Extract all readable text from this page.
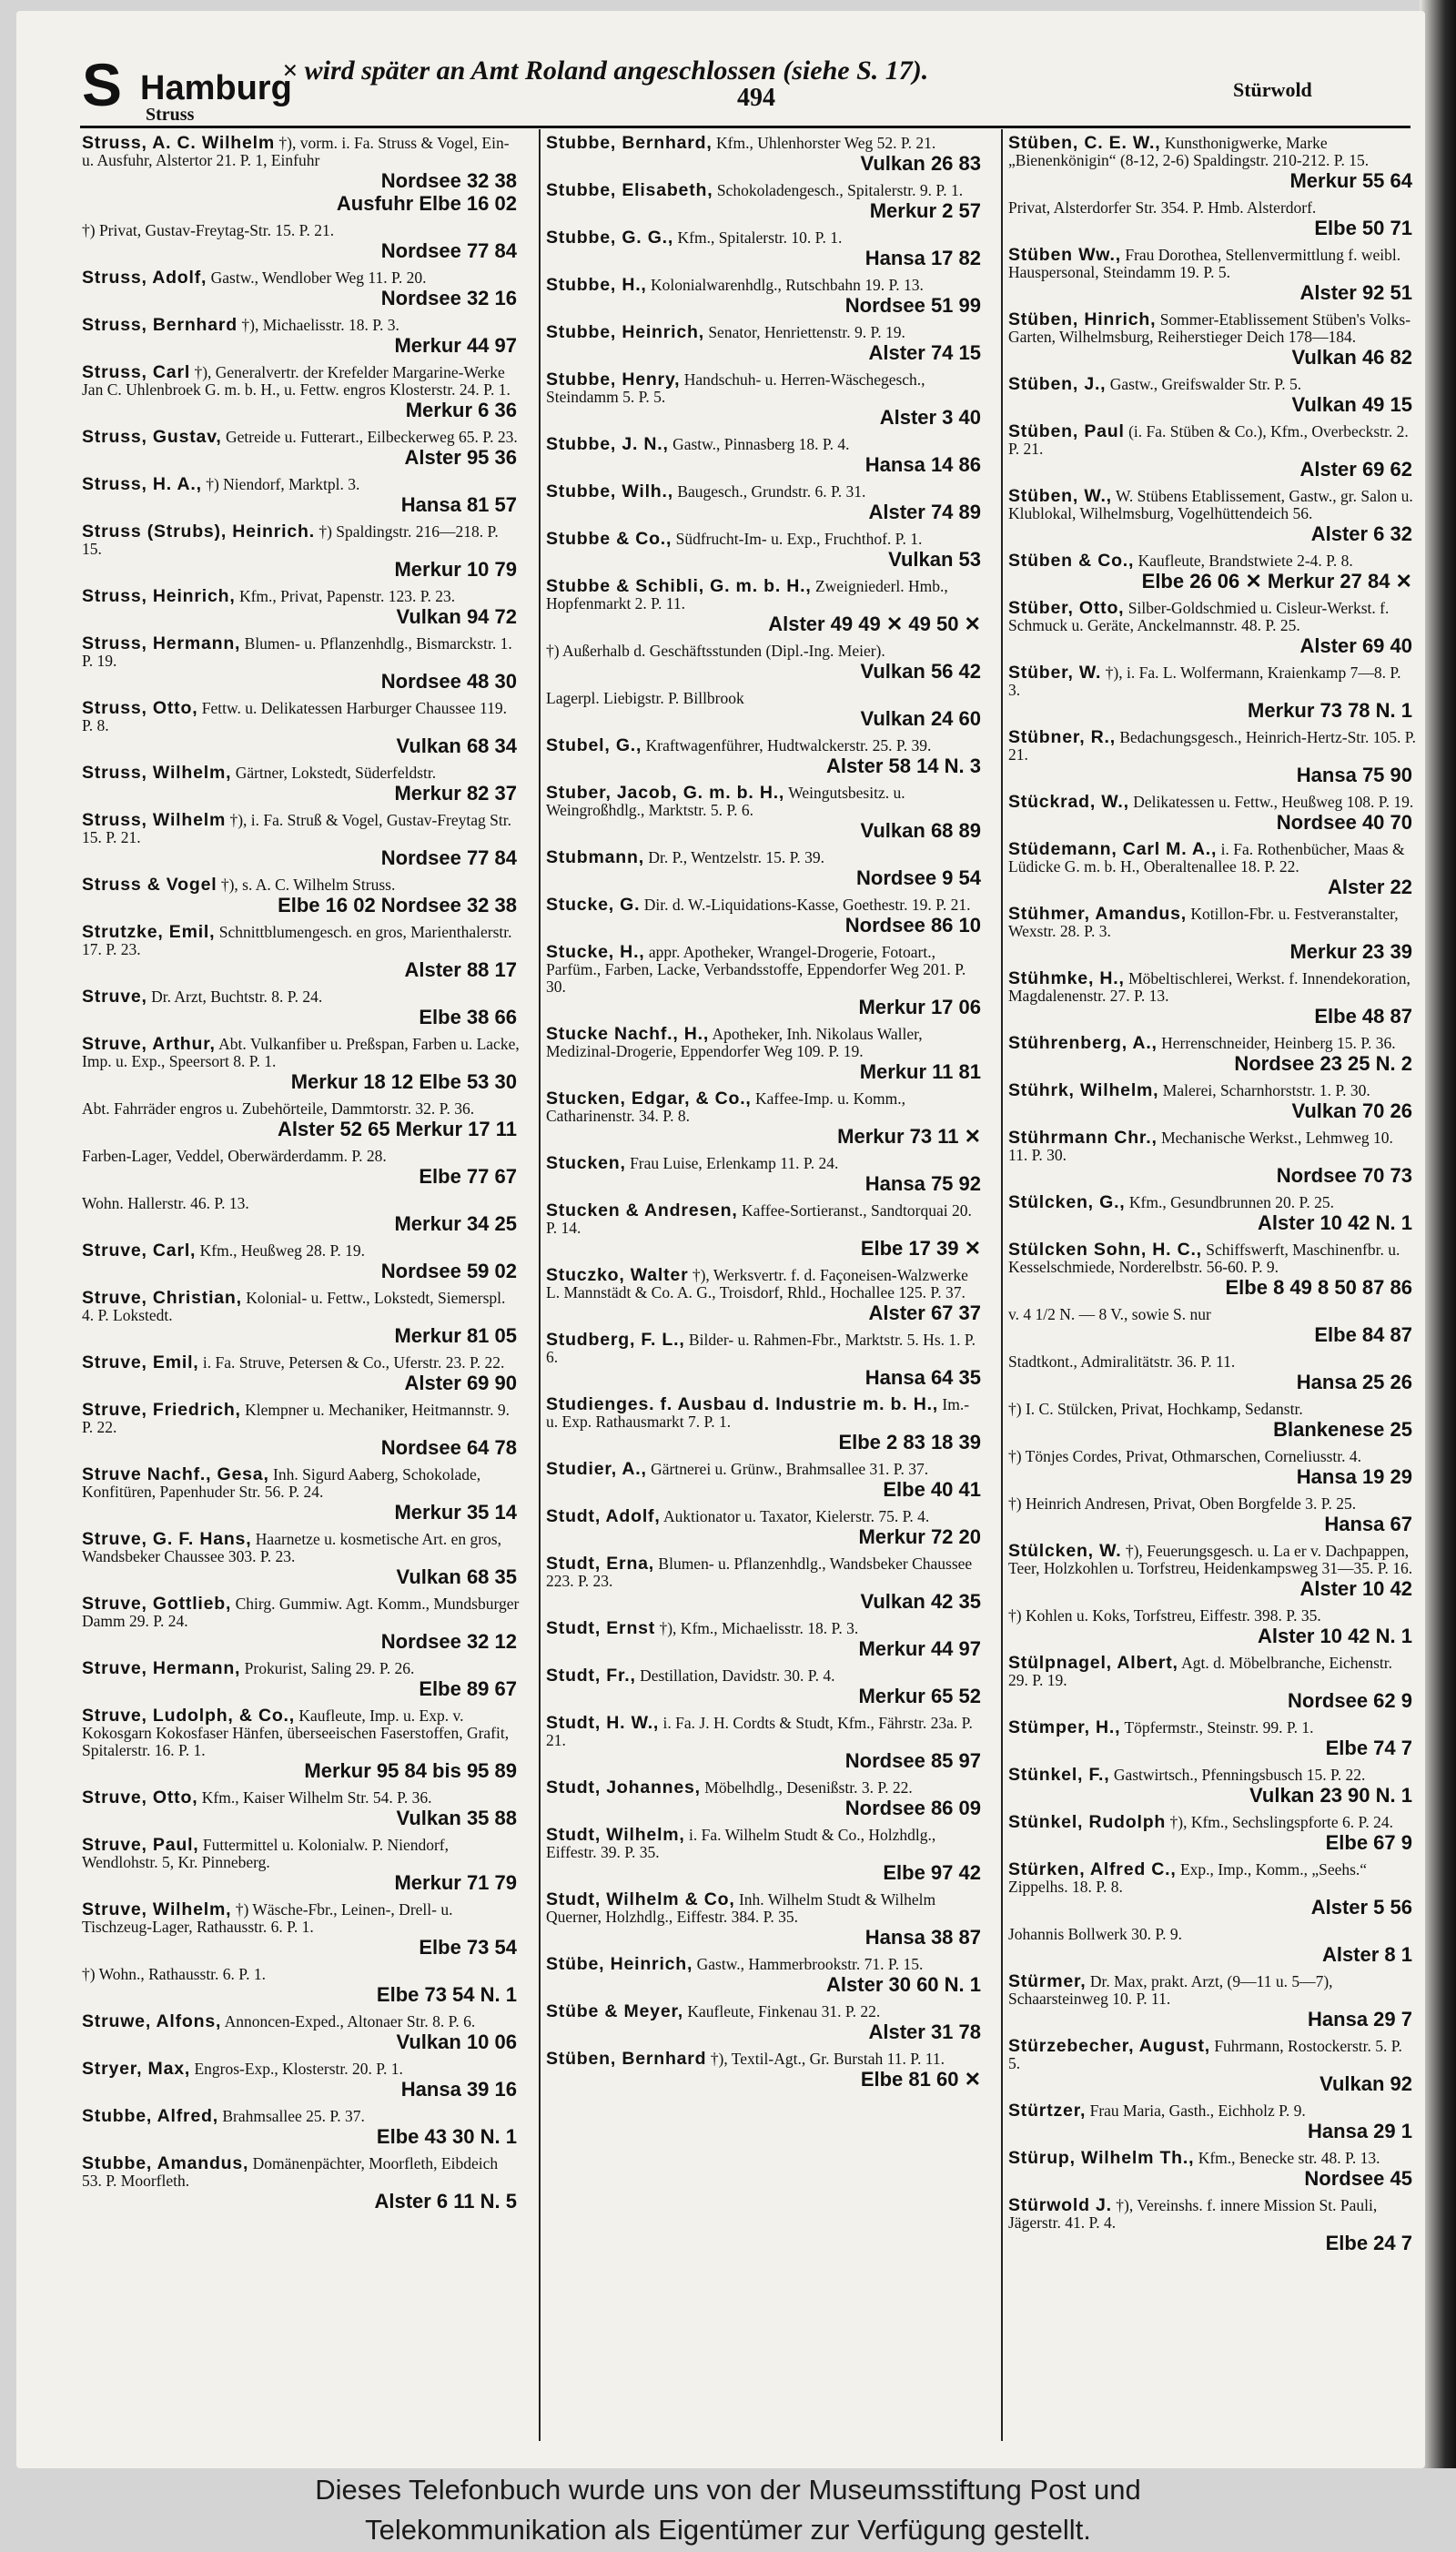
S Hamburg
Struss
× wird später an Amt Roland angeschlossen (siehe S. 17).
494	Stürwold
Struss, A. C. Wilhelm †), vorm. i. Fa. Struss & Vogel, Ein- u. Ausfuhr, Alstertor 21. P. 1, Einfuhr
Nordsee 32 38
Ausfuhr Elbe 16 02
†) Privat, Gustav-Freytag-Str. 15. P. 21.
Nordsee 77 84
Struss, Adolf, Gastw., Wendlober Weg 11. P. 20.
Nordsee 32 16
Struss, Bernhard †), Michaelisstr. 18. P. 3.
Merkur 44 97
Struss, Carl †), Generalvertr. der Krefelder Margarine-Werke Jan C. Uhlenbroek G. m. b. H., u. Fettw. engros Klosterstr. 24. P. 1.
Merkur 6 36
Struss, Gustav, Getreide u. Futterart., Eilbeckerweg 65. P. 23.
Alster 95 36
Struss, H. A., †) Niendorf, Marktpl. 3.
Hansa 81 57
Struss (Strubs), Heinrich. †) Spaldingstr. 216—218. P. 15.
Merkur 10 79
Struss, Heinrich, Kfm., Privat, Papenstr. 123. P. 23.
Vulkan 94 72
Struss, Hermann, Blumen- u. Pflanzenhdlg., Bismarckstr. 1. P. 19.
Nordsee 48 30
Struss, Otto, Fettw. u. Delikatessen Harburger Chaussee 119. P. 8.
Vulkan 68 34
Struss, Wilhelm, Gärtner, Lokstedt, Süderfeldstr.
Merkur 82 37
Struss, Wilhelm †), i. Fa. Struß & Vogel, Gustav-Freytag Str. 15. P. 21.
Nordsee 77 84
Struss & Vogel †), s. A. C. Wilhelm Struss.
Elbe 16 02 Nordsee 32 38
Strutzke, Emil, Schnittblumengesch. en gros, Marienthalerstr. 17. P. 23.
Alster 88 17
Struve, Dr. Arzt, Buchtstr. 8. P. 24.
Elbe 38 66
Struve, Arthur, Abt. Vulkanfiber u. Preßspan, Farben u. Lacke, Imp. u. Exp., Speersort 8. P. 1.
Merkur 18 12 Elbe 53 30
Abt. Fahrräder engros u. Zubehörteile, Dammtorstr. 32. P. 36.
Alster 52 65 Merkur 17 11
Farben-Lager, Veddel, Oberwärderdamm. P. 28.
Elbe 77 67
Wohn. Hallerstr. 46. P. 13.
Merkur 34 25
Struve, Carl, Kfm., Heußweg 28. P. 19.
Nordsee 59 02
Struve, Christian, Kolonial- u. Fettw., Lokstedt, Siemerspl. 4. P. Lokstedt.
Merkur 81 05
Struve, Emil, i. Fa. Struve, Petersen & Co., Uferstr. 23. P. 22.
Alster 69 90
Struve, Friedrich, Klempner u. Mechaniker, Heitmannstr. 9. P. 22.
Nordsee 64 78
Struve Nachf., Gesa, Inh. Sigurd Aaberg, Schokolade, Konfitüren, Papenhuder Str. 56. P. 24.
Merkur 35 14
Struve, G. F. Hans, Haarnetze u. kosmetische Art. en gros, Wandsbeker Chaussee 303. P. 23.
Vulkan 68 35
Struve, Gottlieb, Chirg. Gummiw. Agt. Komm., Mundsburger Damm 29. P. 24.
Nordsee 32 12
Struve, Hermann, Prokurist, Saling 29. P. 26.
Elbe 89 67
Struve, Ludolph, & Co., Kaufleute, Imp. u. Exp. v. Kokosgarn Kokosfaser Hänfen, überseeischen Faserstoffen, Grafit, Spitalerstr. 16. P. 1.
Merkur 95 84 bis 95 89
Struve, Otto, Kfm., Kaiser Wilhelm Str. 54. P. 36.
Vulkan 35 88
Struve, Paul, Futtermittel u. Kolonialw. P. Niendorf, Wendlohstr. 5, Kr. Pinneberg.
Merkur 71 79
Struve, Wilhelm, †) Wäsche-Fbr., Leinen-, Drell- u. Tischzeug-Lager, Rathausstr. 6. P. 1.
Elbe 73 54
†) Wohn., Rathausstr. 6. P. 1.
Elbe 73 54 N. 1
Struwe, Alfons, Annoncen-Exped., Altonaer Str. 8. P. 6.
Vulkan 10 06
Stryer, Max, Engros-Exp., Klosterstr. 20. P. 1.
Hansa 39 16
Stubbe, Alfred, Brahmsallee 25. P. 37.
Elbe 43 30 N. 1
Stubbe, Amandus, Domänenpächter, Moorfleth, Eibdeich 53. P. Moorfleth.
Alster 6 11 N. 5
Stubbe, Bernhard, Kfm., Uhlenhorster Weg 52. P. 21.
Vulkan 26 83
Stubbe, Elisabeth, Schokoladengesch., Spitalerstr. 9. P. 1.
Merkur 2 57
Stubbe, G. G., Kfm., Spitalerstr. 10. P. 1.
Hansa 17 82
Stubbe, H., Kolonialwarenhdlg., Rutschbahn 19. P. 13.
Nordsee 51 99
Stubbe, Heinrich, Senator, Henriettenstr. 9. P. 19.
Alster 74 15
Stubbe, Henry, Handschuh- u. Herren-Wäschegesch., Steindamm 5. P. 5.
Alster 3 40
Stubbe, J. N., Gastw., Pinnasberg 18. P. 4.
Hansa 14 86
Stubbe, Wilh., Baugesch., Grundstr. 6. P. 31.
Alster 74 89
Stubbe & Co., Südfrucht-Im- u. Exp., Fruchthof. P. 1.
Vulkan 53
Stubbe & Schibli, G. m. b. H., Zweigniederl. Hmb., Hopfenmarkt 2. P. 11.
Alster 49 49 ✕ 49 50 ✕
†) Außerhalb d. Geschäftsstunden (Dipl.-Ing. Meier).
Vulkan 56 42
Lagerpl. Liebigstr. P. Billbrook
Vulkan 24 60
Stubel, G., Kraftwagenführer, Hudtwalckerstr. 25. P. 39.
Alster 58 14 N. 3
Stuber, Jacob, G. m. b. H., Weingutsbesitz. u. Weingroßhdlg., Marktstr. 5. P. 6.
Vulkan 68 89
Stubmann, Dr. P., Wentzelstr. 15. P. 39.
Nordsee 9 54
Stucke, G. Dir. d. W.-Liquidations-Kasse, Goethestr. 19. P. 21.
Nordsee 86 10
Stucke, H., appr. Apotheker, Wrangel-Drogerie, Fotoart., Parfüm., Farben, Lacke, Verbandsstoffe, Eppendorfer Weg 201. P. 30.
Merkur 17 06
Stucke Nachf., H., Apotheker, Inh. Nikolaus Waller, Medizinal-Drogerie, Eppendorfer Weg 109. P. 19.
Merkur 11 81
Stucken, Edgar, & Co., Kaffee-Imp. u. Komm., Catharinenstr. 34. P. 8.
Merkur 73 11 ✕
Stucken, Frau Luise, Erlenkamp 11. P. 24.
Hansa 75 92
Stucken & Andresen, Kaffee-Sortieranst., Sandtorquai 20. P. 14.
Elbe 17 39 ✕
Stuczko, Walter †), Werksvertr. f. d. Façoneisen-Walzwerke L. Mannstädt & Co. A. G., Troisdorf, Rhld., Hochallee 125. P. 37.
Alster 67 37
Studberg, F. L., Bilder- u. Rahmen-Fbr., Marktstr. 5. Hs. 1. P. 6.
Hansa 64 35
Studienges. f. Ausbau d. Industrie m. b. H., Im.- u. Exp. Rathausmarkt 7. P. 1.
Elbe 2 83 18 39
Studier, A., Gärtnerei u. Grünw., Brahmsallee 31. P. 37.
Elbe 40 41
Studt, Adolf, Auktionator u. Taxator, Kielerstr. 75. P. 4.
Merkur 72 20
Studt, Erna, Blumen- u. Pflanzenhdlg., Wandsbeker Chaussee 223. P. 23.
Vulkan 42 35
Studt, Ernst †), Kfm., Michaelisstr. 18. P. 3.
Merkur 44 97
Studt, Fr., Destillation, Davidstr. 30. P. 4.
Merkur 65 52
Studt, H. W., i. Fa. J. H. Cordts & Studt, Kfm., Fährstr. 23a. P. 21.
Nordsee 85 97
Studt, Johannes, Möbelhdlg., Desenißstr. 3. P. 22.
Nordsee 86 09
Studt, Wilhelm, i. Fa. Wilhelm Studt & Co., Holzhdlg., Eiffestr. 39. P. 35.
Elbe 97 42
Studt, Wilhelm & Co, Inh. Wilhelm Studt & Wilhelm Querner, Holzhdlg., Eiffestr. 384. P. 35.
Hansa 38 87
Stübe, Heinrich, Gastw., Hammerbrookstr. 71. P. 15.
Alster 30 60 N. 1
Stübe & Meyer, Kaufleute, Finkenau 31. P. 22.
Alster 31 78
Stüben, Bernhard †), Textil-Agt., Gr. Burstah 11. P. 11.
Elbe 81 60 ✕
Stüben, C. E. W., Kunsthonigwerke, Marke „Bienenkönigin“ (8-12, 2-6) Spaldingstr. 210-212. P. 15.
Merkur 55 64
Privat, Alsterdorfer Str. 354. P. Hmb. Alsterdorf.
Elbe 50 71
Stüben Ww., Frau Dorothea, Stellenvermittlung f. weibl. Hauspersonal, Steindamm 19. P. 5.
Alster 92 51
Stüben, Hinrich, Sommer-Etablissement Stüben's Volks-Garten, Wilhelmsburg, Reiherstieger Deich 178—184.
Vulkan 46 82
Stüben, J., Gastw., Greifswalder Str. P. 5.
Vulkan 49 15
Stüben, Paul (i. Fa. Stüben & Co.), Kfm., Overbeckstr. 2. P. 21.
Alster 69 62
Stüben, W., W. Stübens Etablissement, Gastw., gr. Salon u. Klublokal, Wilhelmsburg, Vogelhüttendeich 56.
Alster 6 32
Stüben & Co., Kaufleute, Brandstwiete 2-4. P. 8.
Elbe 26 06 ✕ Merkur 27 84 ✕
Stüber, Otto, Silber-Goldschmied u. Cisleur-Werkst. f. Schmuck u. Geräte, Anckelmannstr. 48. P. 25.
Alster 69 40
Stüber, W. †), i. Fa. L. Wolfermann, Kraienkamp 7—8. P. 3.
Merkur 73 78 N. 1
Stübner, R., Bedachungsgesch., Heinrich-Hertz-Str. 105. P. 21.
Hansa 75 90
Stückrad, W., Delikatessen u. Fettw., Heußweg 108. P. 19.
Nordsee 40 70
Stüdemann, Carl M. A., i. Fa. Rothenbücher, Maas & Lüdicke G. m. b. H., Oberaltenallee 18. P. 22.
Alster 22
Stühmer, Amandus, Kotillon-Fbr. u. Festveranstalter, Wexstr. 28. P. 3.
Merkur 23 39
Stühmke, H., Möbeltischlerei, Werkst. f. Innendekoration, Magdalenenstr. 27. P. 13.
Elbe 48 87
Stührenberg, A., Herrenschneider, Heinberg 15. P. 36.
Nordsee 23 25 N. 2
Stührk, Wilhelm, Malerei, Scharnhorststr. 1. P. 30.
Vulkan 70 26
Stührmann Chr., Mechanische Werkst., Lehmweg 10. 11. P. 30.
Nordsee 70 73
Stülcken, G., Kfm., Gesundbrunnen 20. P. 25.
Alster 10 42 N. 1
Stülcken Sohn, H. C., Schiffswerft, Maschinenfbr. u. Kesselschmiede, Norderelbstr. 56-60. P. 9.
Elbe 8 49 8 50 87 86
v. 4 1/2 N. — 8 V., sowie S. nur
Elbe 84 87
Stadtkont., Admiralitätstr. 36. P. 11.
Hansa 25 26
†) I. C. Stülcken, Privat, Hochkamp, Sedanstr.
Blankenese 25
†) Tönjes Cordes, Privat, Othmarschen, Corneliusstr. 4.
Hansa 19 29
†) Heinrich Andresen, Privat, Oben Borgfelde 3. P. 25.
Hansa 67
Stülcken, W. †), Feuerungsgesch. u. La er v. Dachpappen, Teer, Holzkohlen u. Torfstreu, Heidenkampsweg 31—35. P. 16.
Alster 10 42
†) Kohlen u. Koks, Torfstreu, Eiffestr. 398. P. 35.
Alster 10 42 N. 1
Stülpnagel, Albert, Agt. d. Möbelbranche, Eichenstr. 29. P. 19.
Nordsee 62 9
Stümper, H., Töpfermstr., Steinstr. 99. P. 1.
Elbe 74 7
Stünkel, F., Gastwirtsch., Pfenningsbusch 15. P. 22.
Vulkan 23 90 N. 1
Stünkel, Rudolph †), Kfm., Sechslingspforte 6. P. 24.
Elbe 67 9
Stürken, Alfred C., Exp., Imp., Komm., „Seehs.“ Zippelhs. 18. P. 8.
Alster 5 56
Johannis Bollwerk 30. P. 9.
Alster 8 1
Stürmer, Dr. Max, prakt. Arzt, (9—11 u. 5—7), Schaarsteinweg 10. P. 11.
Hansa 29 7
Stürzebecher, August, Fuhrmann, Rostockerstr. 5. P. 5.
Vulkan 92
Stürtzer, Frau Maria, Gasth., Eichholz P. 9.
Hansa 29 1
Stürup, Wilhelm Th., Kfm., Benecke str. 48. P. 13.
Nordsee 45
Stürwold J. †), Vereinshs. f. innere Mission St. Pauli, Jägerstr. 41. P. 4.
Elbe 24 7
Dieses Telefonbuch wurde uns von der Museumsstiftung Post und
Telekommunikation als Eigentümer zur Verfügung gestellt.
